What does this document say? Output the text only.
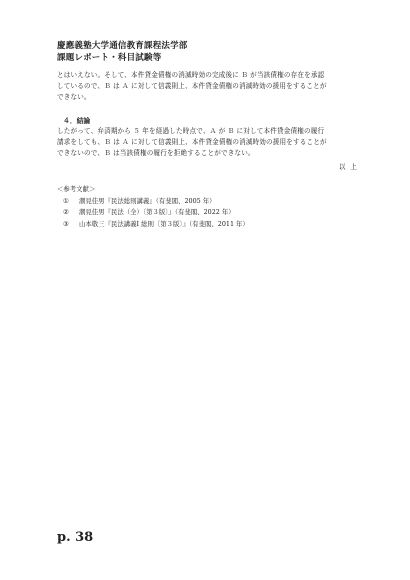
慶應義塾大学通信教育課程法学部
課題レポート・科目試験等
とはいえない。そして、本件貸金債権の消滅時効の完成後に Ｂ が当該債権の存在を承認
しているので、Ｂ は Ａ に対して信義則上、本件貸金債権の消滅時効の援用をすることが
できない。
４．結論
したがって、弁済期から ５ 年を経過した時点で、Ａ が Ｂ に対して本件貸金債権の履行
請求をしても、Ｂ は Ａ に対して信義則上、本件貸金債権の消滅時効の援用をすることが
できないので、Ｂ は当該債権の履行を拒絶することができない。
以上
＜参考文献＞
①	潮見佳男『民法総則講義』（有斐閣、2005 年）
②	潮見佳男『民法（全）〔第３版〕』（有斐閣、2022 年）
③	山本敬三『民法講義Ⅰ 総則〔第３版〕』（有斐閣、2011 年）
p. 38
